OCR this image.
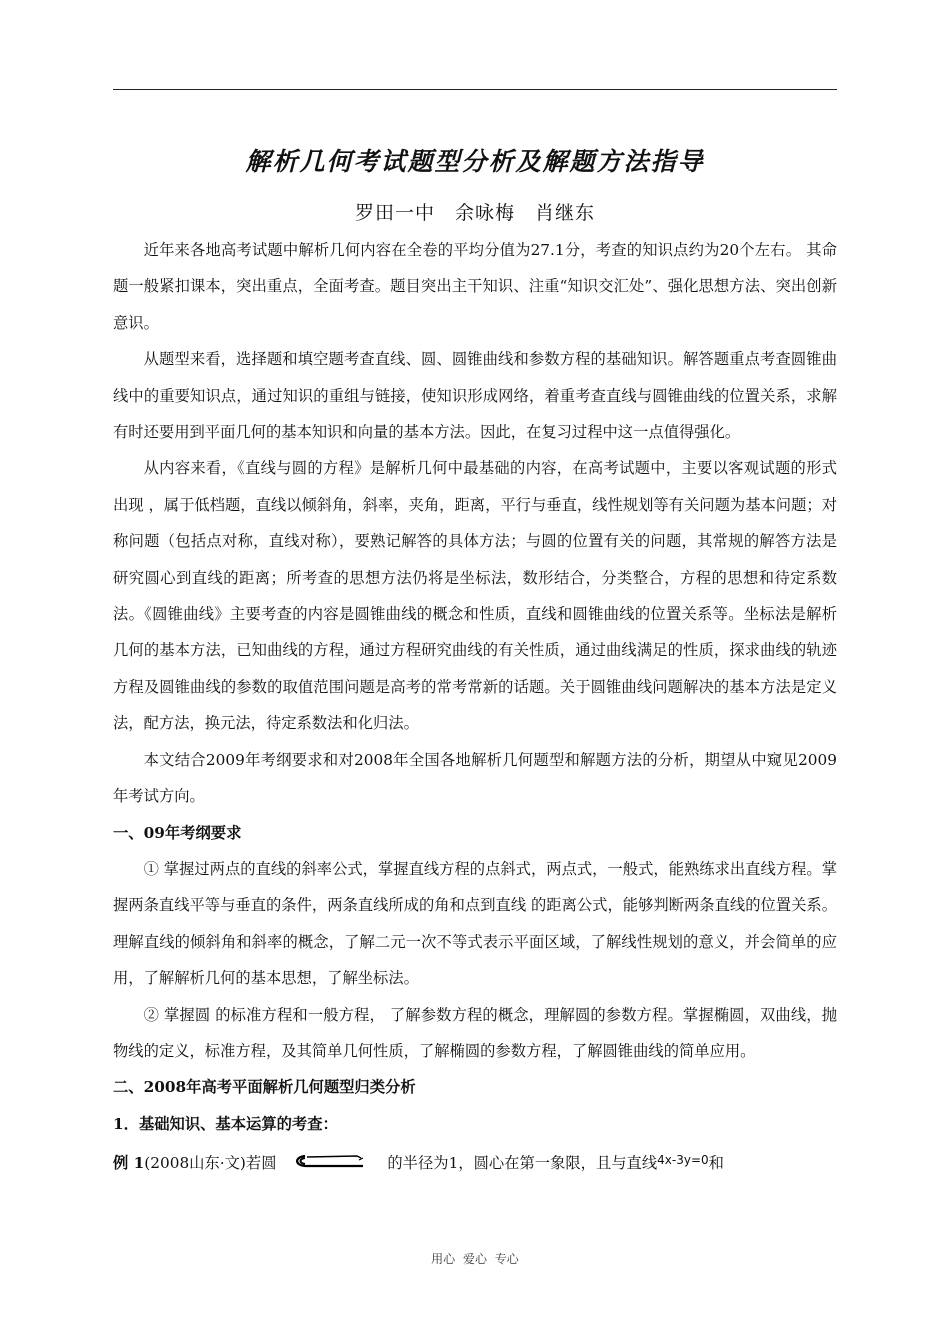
解析几何考试题型分析及解题方法指导
罗田一中　余咏梅　肖继东

近年来各地高考试题中解析几何内容在全卷的平均分值为27.1分，考查的知识点约为20个左右。 其命题一般紧扣课本，突出重点，全面考查。题目突出主干知识、注重“知识交汇处”、强化思想方法、突出创新意识。

从题型来看，选择题和填空题考查直线、圆、圆锥曲线和参数方程的基础知识。解答题重点考查圆锥曲线中的重要知识点，通过知识的重组与链接，使知识形成网络，着重考查直线与圆锥曲线的位置关系，求解有时还要用到平面几何的基本知识和向量的基本方法。因此，在复习过程中这一点值得强化。

从内容来看，《直线与圆的方程》是解析几何中最基础的内容，在高考试题中，主要以客观试题的形式出现 ，属于低档题，直线以倾斜角，斜率，夹角，距离，平行与垂直，线性规划等有关问题为基本问题；对称问题（包括点对称，直线对称），要熟记解答的具体方法；与圆的位置有关的问题，其常规的解答方法是研究圆心到直线的距离；所考查的思想方法仍将是坐标法，数形结合，分类整合，方程的思想和待定系数法。《圆锥曲线》主要考查的内容是圆锥曲线的概念和性质，直线和圆锥曲线的位置关系等。坐标法是解析几何的基本方法，已知曲线的方程，通过方程研究曲线的有关性质，通过曲线满足的性质，探求曲线的轨迹方程及圆锥曲线的参数的取值范围问题是高考的常考常新的话题。关于圆锥曲线问题解决的基本方法是定义法，配方法，换元法，待定系数法和化归法。

本文结合2009年考纲要求和对2008年全国各地解析几何题型和解题方法的分析，期望从中窥见2009年考试方向。

一、09年考纲要求

① 掌握过两点的直线的斜率公式，掌握直线方程的点斜式，两点式，一般式，能熟练求出直线方程。掌握两条直线平等与垂直的条件，两条直线所成的角和点到直线 的距离公式，能够判断两条直线的位置关系。理解直线的倾斜角和斜率的概念，了解二元一次不等式表示平面区域，了解线性规划的意义，并会简单的应用，了解解析几何的基本思想，了解坐标法。

② 掌握圆 的标准方程和一般方程， 了解参数方程的概念，理解圆的参数方程。掌握椭圆，双曲线，抛物线的定义，标准方程，及其简单几何性质，了解椭圆的参数方程，了解圆锥曲线的简单应用。

二、2008年高考平面解析几何题型归类分析
1．基础知识、基本运算的考查：

例 1(2008山东·文)若圆	的半径为1，圆心在第一象限，且与直线$^{4x-3y=0}$和

用心 爱心 专心
